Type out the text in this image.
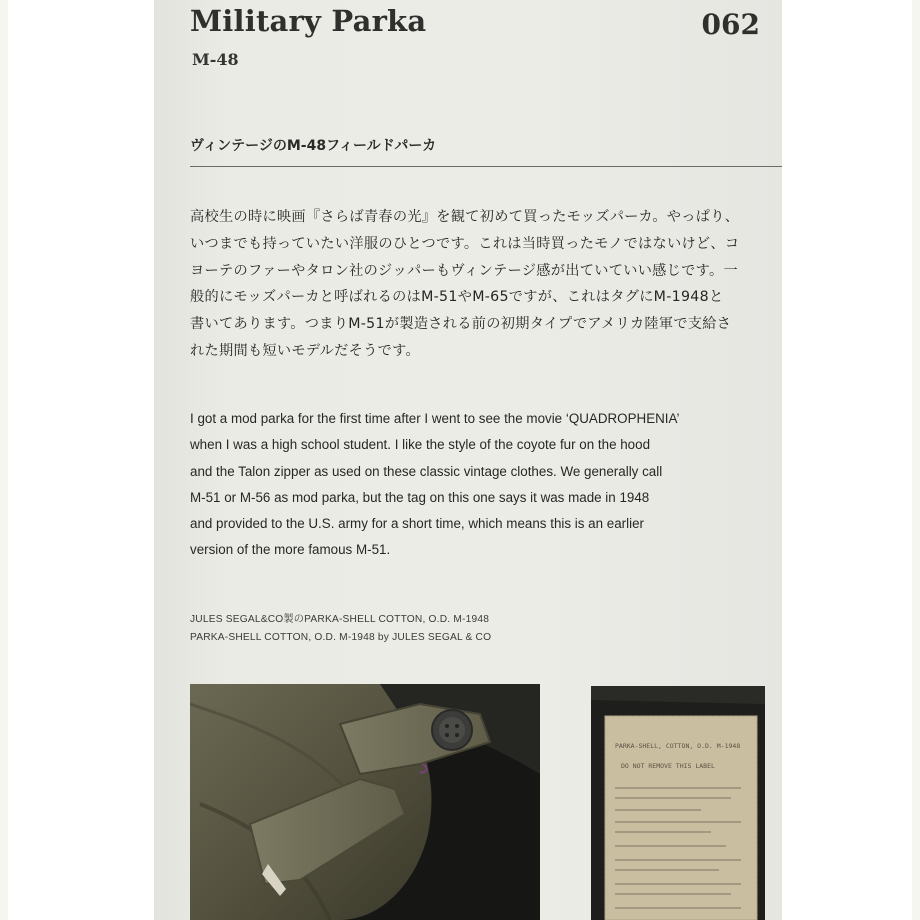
Military Parka
M-48
062
ヴィンテージのM-48フィールドパーカ

高校生の時に映画『さらば青春の光』を観て初めて買ったモッズパーカ。やっぱり、

いつまでも持っていたい洋服のひとつです。これは当時買ったモノではないけど、コ

ヨーテのファーやタロン社のジッパーもヴィンテージ感が出ていていい感じです。一

般的にモッズパーカと呼ばれるのはM-51やM-65ですが、これはタグにM-1948と

書いてあります。つまりM-51が製造される前の初期タイプでアメリカ陸軍で支給さ

れた期間も短いモデルだそうです。

I got a mod parka for the first time after I went to see the movie ‘QUADROPHENIA’

when I was a high school student. I like the style of the coyote fur on the hood

and the Talon zipper as used on these classic vintage clothes. We generally call

M-51 or M-56 as mod parka, but the tag on this one says it was made in 1948

and provided to the U.S. army for a short time, which means this is an earlier

version of the more famous M-51.

JULES SEGAL&CO製のPARKA-SHELL COTTON, O.D. M-1948
PARKA-SHELL COTTON, O.D. M-1948 by JULES SEGAL & CO
PARKA-SHELL, COTTON, O.D. M-1948
DO NOT REMOVE THIS LABEL
